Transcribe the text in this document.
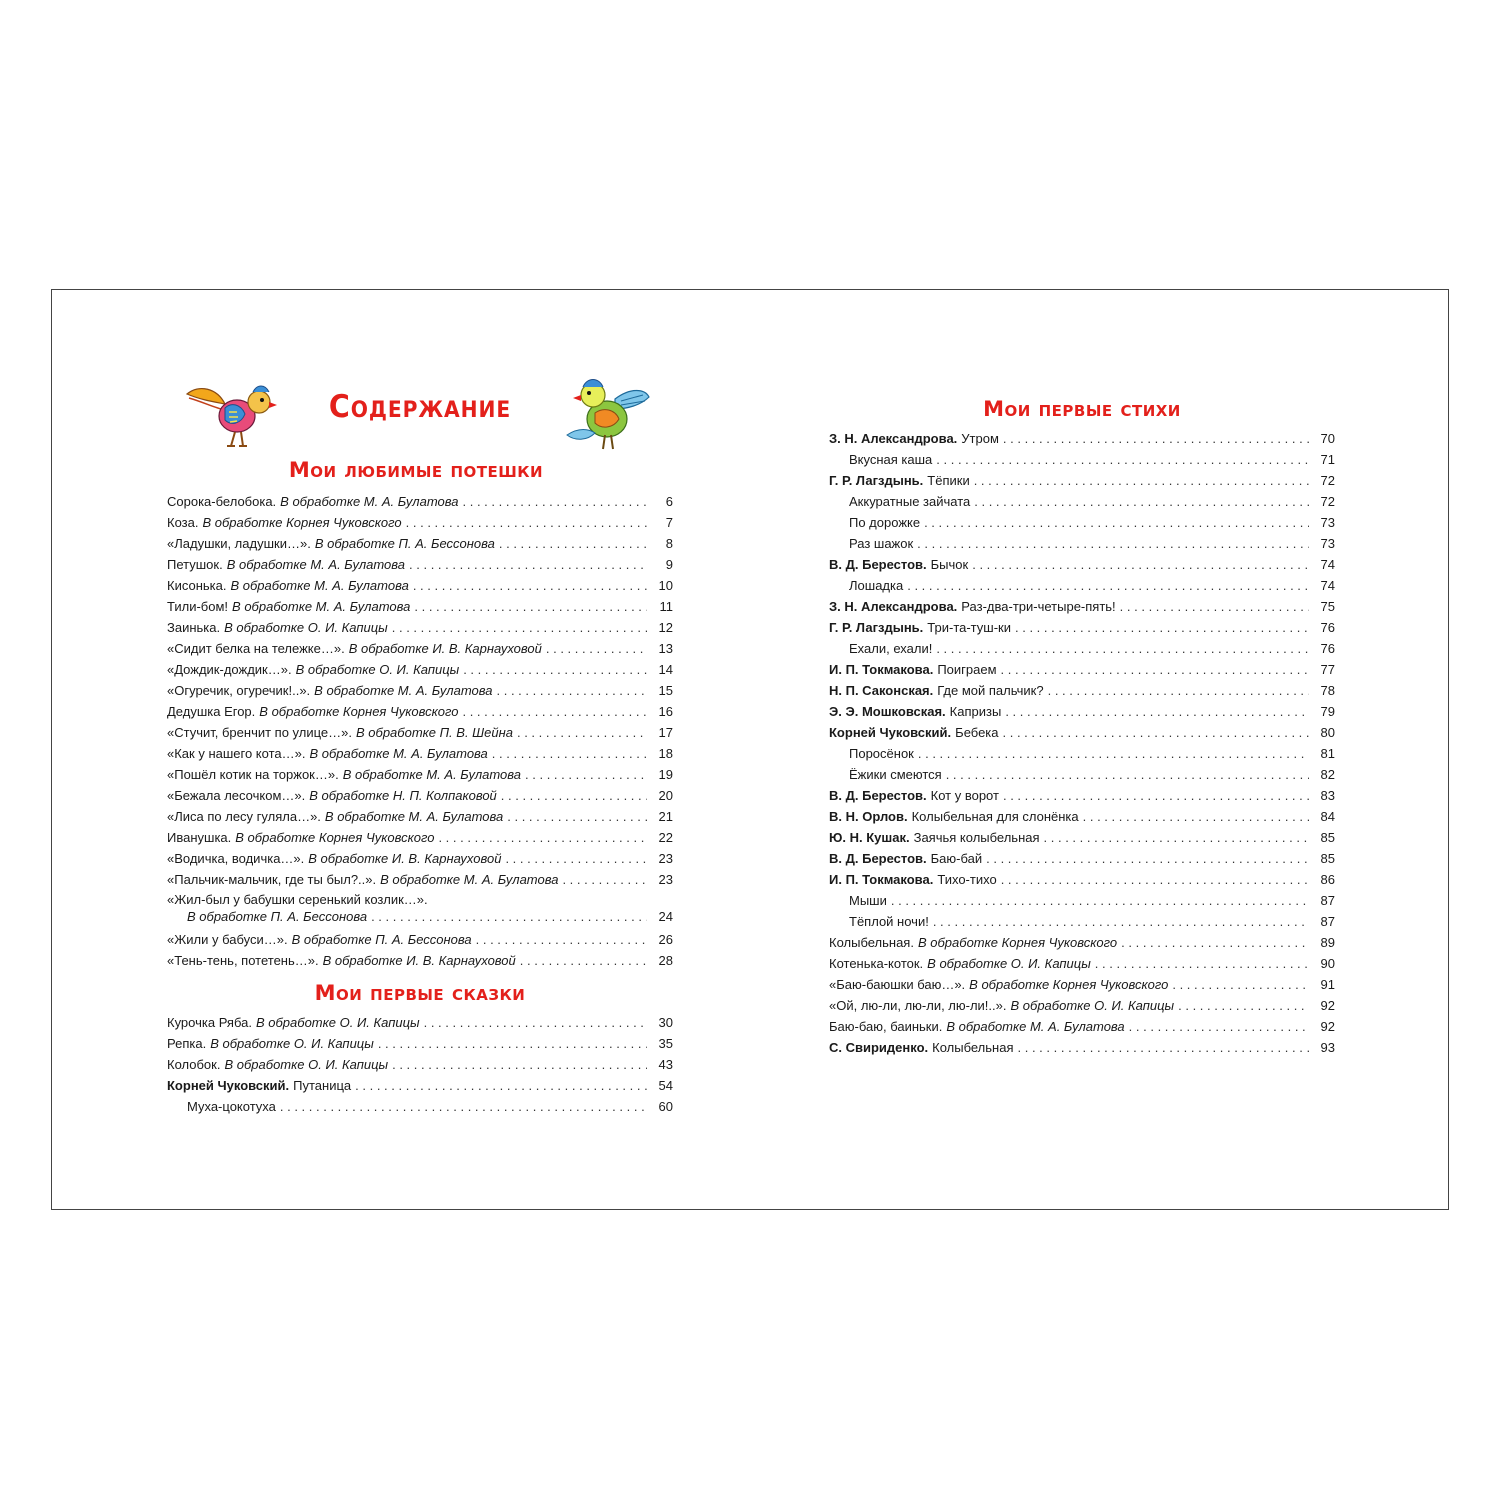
Содержание
Мои любимые потешки
Сорока-белобока. В обработке М. А. Булатова . . .	6
Коза. В обработке Корнея Чуковского . . .	7
«Ладушки, ладушки…». В обработке П. А. Бессонова . . .	8
Петушок. В обработке М. А. Булатова . . .	9
Кисонька. В обработке М. А. Булатова . . .	10
Тили-бом! В обработке М. А. Булатова . . .	11
Заинька. В обработке О. И. Капицы . . .	12
«Сидит белка на тележке…». В обработке И. В. Карнауховой . . .	13
«Дождик-дождик…». В обработке О. И. Капицы . . .	14
«Огуречик, огуречик!..». В обработке М. А. Булатова . . .	15
Дедушка Егор. В обработке Корнея Чуковского . . .	16
«Стучит, бренчит по улице…». В обработке П. В. Шейна . . .	17
«Как у нашего кота…». В обработке М. А. Булатова . . .	18
«Пошёл котик на торжок…». В обработке М. А. Булатова . . .	19
«Бежала лесочком…». В обработке Н. П. Колпаковой . . .	20
«Лиса по лесу гуляла…». В обработке М. А. Булатова . . .	21
Иванушка. В обработке Корнея Чуковского . . .	22
«Водичка, водичка…». В обработке И. В. Карнауховой . . .	23
«Пальчик-мальчик, где ты был?..». В обработке М. А. Булатова . . .	23
«Жил-был у бабушки серенький козлик…».
В обработке П. А. Бессонова . . .	24
«Жили у бабуси…». В обработке П. А. Бессонова . . .	26
«Тень-тень, потетень…». В обработке И. В. Карнауховой . . .	28
Мои первые сказки
Курочка Ряба. В обработке О. И. Капицы . . .	30
Репка. В обработке О. И. Капицы . . .	35
Колобок. В обработке О. И. Капицы . . .	43
Корней Чуковский. Путаница . . .	54
Муха-цокотуха . . .	60
Мои первые стихи
З. Н. Александрова. Утром . . .	70
Вкусная каша . . .	71
Г. Р. Лагздынь. Тёпики . . .	72
Аккуратные зайчата . . .	72
По дорожке . . .	73
Раз шажок . . .	73
В. Д. Берестов. Бычок . . .	74
Лошадка . . .	74
З. Н. Александрова. Раз-два-три-четыре-пять! . . .	75
Г. Р. Лагздынь. Три-та-туш-ки . . .	76
Ехали, ехали! . . .	76
И. П. Токмакова. Поиграем . . .	77
Н. П. Саконская. Где мой пальчик? . . .	78
Э. Э. Мошковская. Капризы . . .	79
Корней Чуковский. Бебека . . .	80
Поросёнок . . .	81
Ёжики смеются . . .	82
В. Д. Берестов. Кот у ворот . . .	83
В. Н. Орлов. Колыбельная для слонёнка . . .	84
Ю. Н. Кушак. Заячья колыбельная . . .	85
В. Д. Берестов. Баю-бай . . .	85
И. П. Токмакова. Тихо-тихо . . .	86
Мыши . . .	87
Тёплой ночи! . . .	87
Колыбельная. В обработке Корнея Чуковского . . .	89
Котенька-коток. В обработке О. И. Капицы . . .	90
«Баю-баюшки баю…». В обработке Корнея Чуковского . . .	91
«Ой, лю-ли, лю-ли, лю-ли!..». В обработке О. И. Капицы . . .	92
Баю-баю, баиньки. В обработке М. А. Булатова . . .	92
С. Свириденко. Колыбельная . . .	93
